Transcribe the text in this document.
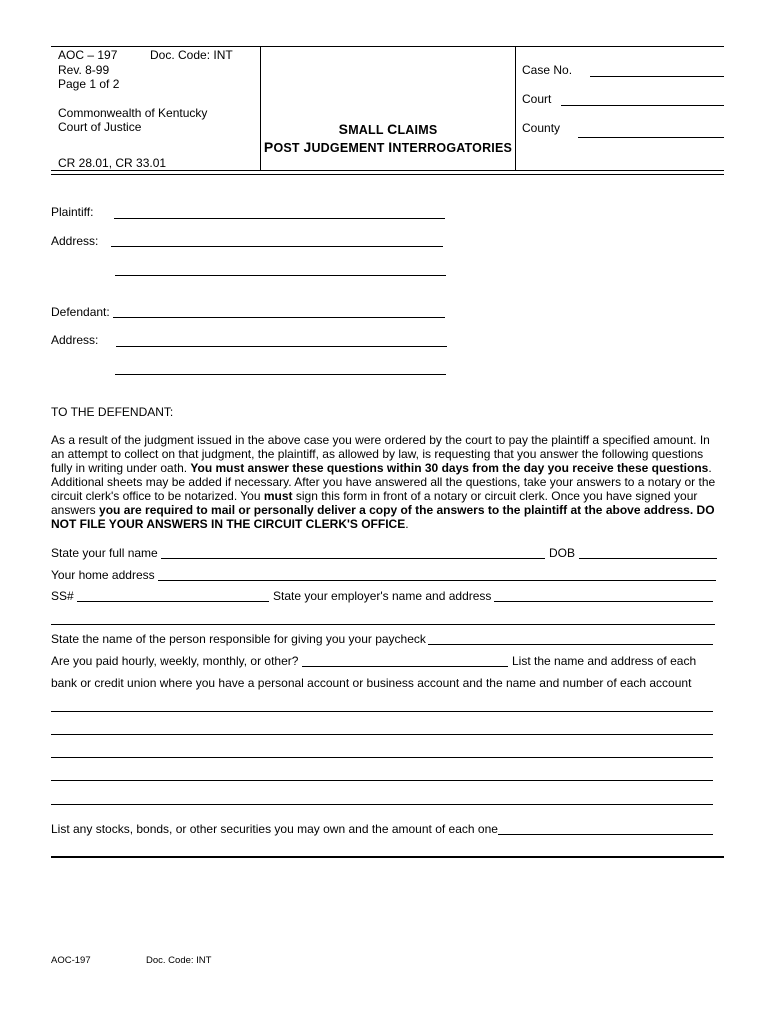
AOC – 197	Doc. Code: INT
Rev. 8-99
Page 1 of 2
Commonwealth of Kentucky
Court of Justice
CR 28.01, CR 33.01
SMALL CLAIMS
POST JUDGEMENT INTERROGATORIES
Case No.
Court
County
Plaintiff:
Address:
Defendant:
Address:
TO THE DEFENDANT:
As a result of the judgment issued in the above case you were ordered by the court to pay the plaintiff a specified amount. In an attempt to collect on that judgment, the plaintiff, as allowed by law, is requesting that you answer the following questions fully in writing under oath. You must answer these questions within 30 days from the day you receive these questions. Additional sheets may be added if necessary. After you have answered all the questions, take your answers to a notary or the circuit clerk's office to be notarized. You must sign this form in front of a notary or circuit clerk. Once you have signed your answers you are required to mail or personally deliver a copy of the answers to the plaintiff at the above address. DO NOT FILE YOUR ANSWERS IN THE CIRCUIT CLERK'S OFFICE.
State your full name	DOB
Your home address
SS#	State your employer's name and address
State the name of the person responsible for giving you your paycheck
Are you paid hourly, weekly, monthly, or other?	List the name and address of each
bank or credit union where you have a personal account or business account and the name and number of each account
List any stocks, bonds, or other securities you may own and the amount of each one
AOC-197	Doc. Code: INT
